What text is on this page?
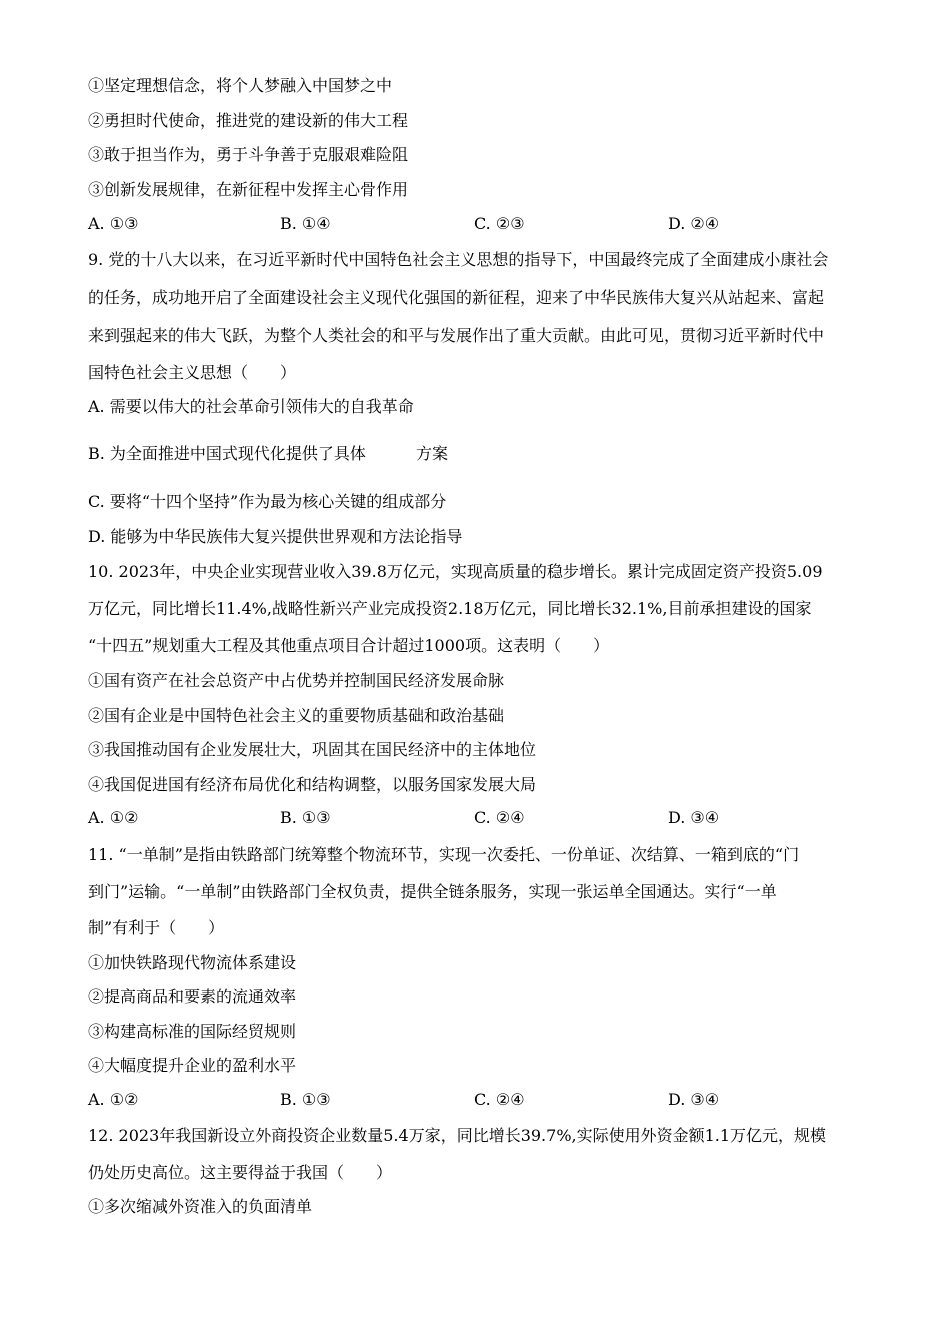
①坚定理想信念，将个人梦融入中国梦之中
②勇担时代使命，推进党的建设新的伟大工程
③敢于担当作为，勇于斗争善于克服艰难险阻
③创新发展规律，在新征程中发挥主心骨作用
A. ①③	B. ①④	C. ②③	D. ②④
9. 党的十八大以来，在习近平新时代中国特色社会主义思想的指导下，中国最终完成了全面建成小康社会
的任务，成功地开启了全面建设社会主义现代化强国的新征程，迎来了中华民族伟大复兴从站起来、富起
来到强起来的伟大飞跃，为整个人类社会的和平与发展作出了重大贡献。由此可见，贯彻习近平新时代中
国特色社会主义思想（　　）
A. 需要以伟大的社会革命引领伟大的自我革命
B. 为全面推进中国式现代化提供了具体	方案
C. 要将“十四个坚持”作为最为核心关键的组成部分
D. 能够为中华民族伟大复兴提供世界观和方法论指导
10. 2023年，中央企业实现营业收入39.8万亿元，实现高质量的稳步增长。累计完成固定资产投资5.09
万亿元，同比增长11.4%,战略性新兴产业完成投资2.18万亿元，同比增长32.1%,目前承担建设的国家
“十四五”规划重大工程及其他重点项目合计超过1000项。这表明（　　）
①国有资产在社会总资产中占优势并控制国民经济发展命脉
②国有企业是中国特色社会主义的重要物质基础和政治基础
③我国推动国有企业发展壮大，巩固其在国民经济中的主体地位
④我国促进国有经济布局优化和结构调整，以服务国家发展大局
A. ①②	B. ①③	C. ②④	D. ③④
11. “一单制”是指由铁路部门统筹整个物流环节，实现一次委托、一份单证、次结算、一箱到底的“门
到门”运输。“一单制”由铁路部门全权负责，提供全链条服务，实现一张运单全国通达。实行“一单
制”有利于（　　）
①加快铁路现代物流体系建设
②提高商品和要素的流通效率
③构建高标准的国际经贸规则
④大幅度提升企业的盈利水平
A. ①②	B. ①③	C. ②④	D. ③④
12. 2023年我国新设立外商投资企业数量5.4万家，同比增长39.7%,实际使用外资金额1.1万亿元，规模
仍处历史高位。这主要得益于我国（　　）
①多次缩减外资准入的负面清单
